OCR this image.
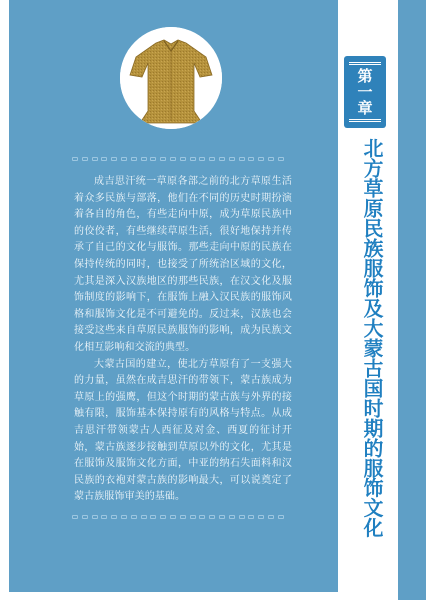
成吉思汗统一草原各部之前的北方草原生活着众多民族与部落，他们在不同的历史时期扮演着各自的角色，有些走向中原，成为草原民族中的佼佼者，有些继续草原生活，很好地保持并传承了自己的文化与服饰。那些走向中原的民族在保持传统的同时，也接受了所统治区域的文化，尤其是深入汉族地区的那些民族，在汉文化及服饰制度的影响下，在服饰上融入汉民族的服饰风格和服饰文化是不可避免的。反过来，汉族也会接受这些来自草原民族服饰的影响，成为民族文化相互影响和交流的典型。

大蒙古国的建立，使北方草原有了一支强大的力量，虽然在成吉思汗的带领下，蒙古族成为草原上的强鹰，但这个时期的蒙古族与外界的接触有限，服饰基本保持原有的风格与特点。从成吉思汗带领蒙古人西征及对金、西夏的征讨开始，蒙古族逐步接触到草原以外的文化，尤其是在服饰及服饰文化方面，中亚的纳石失面料和汉民族的衣袍对蒙古族的影响最大，可以说奠定了蒙古族服饰审美的基础。

第一章
北方草原民族服饰及大蒙古国时期的服饰文化
